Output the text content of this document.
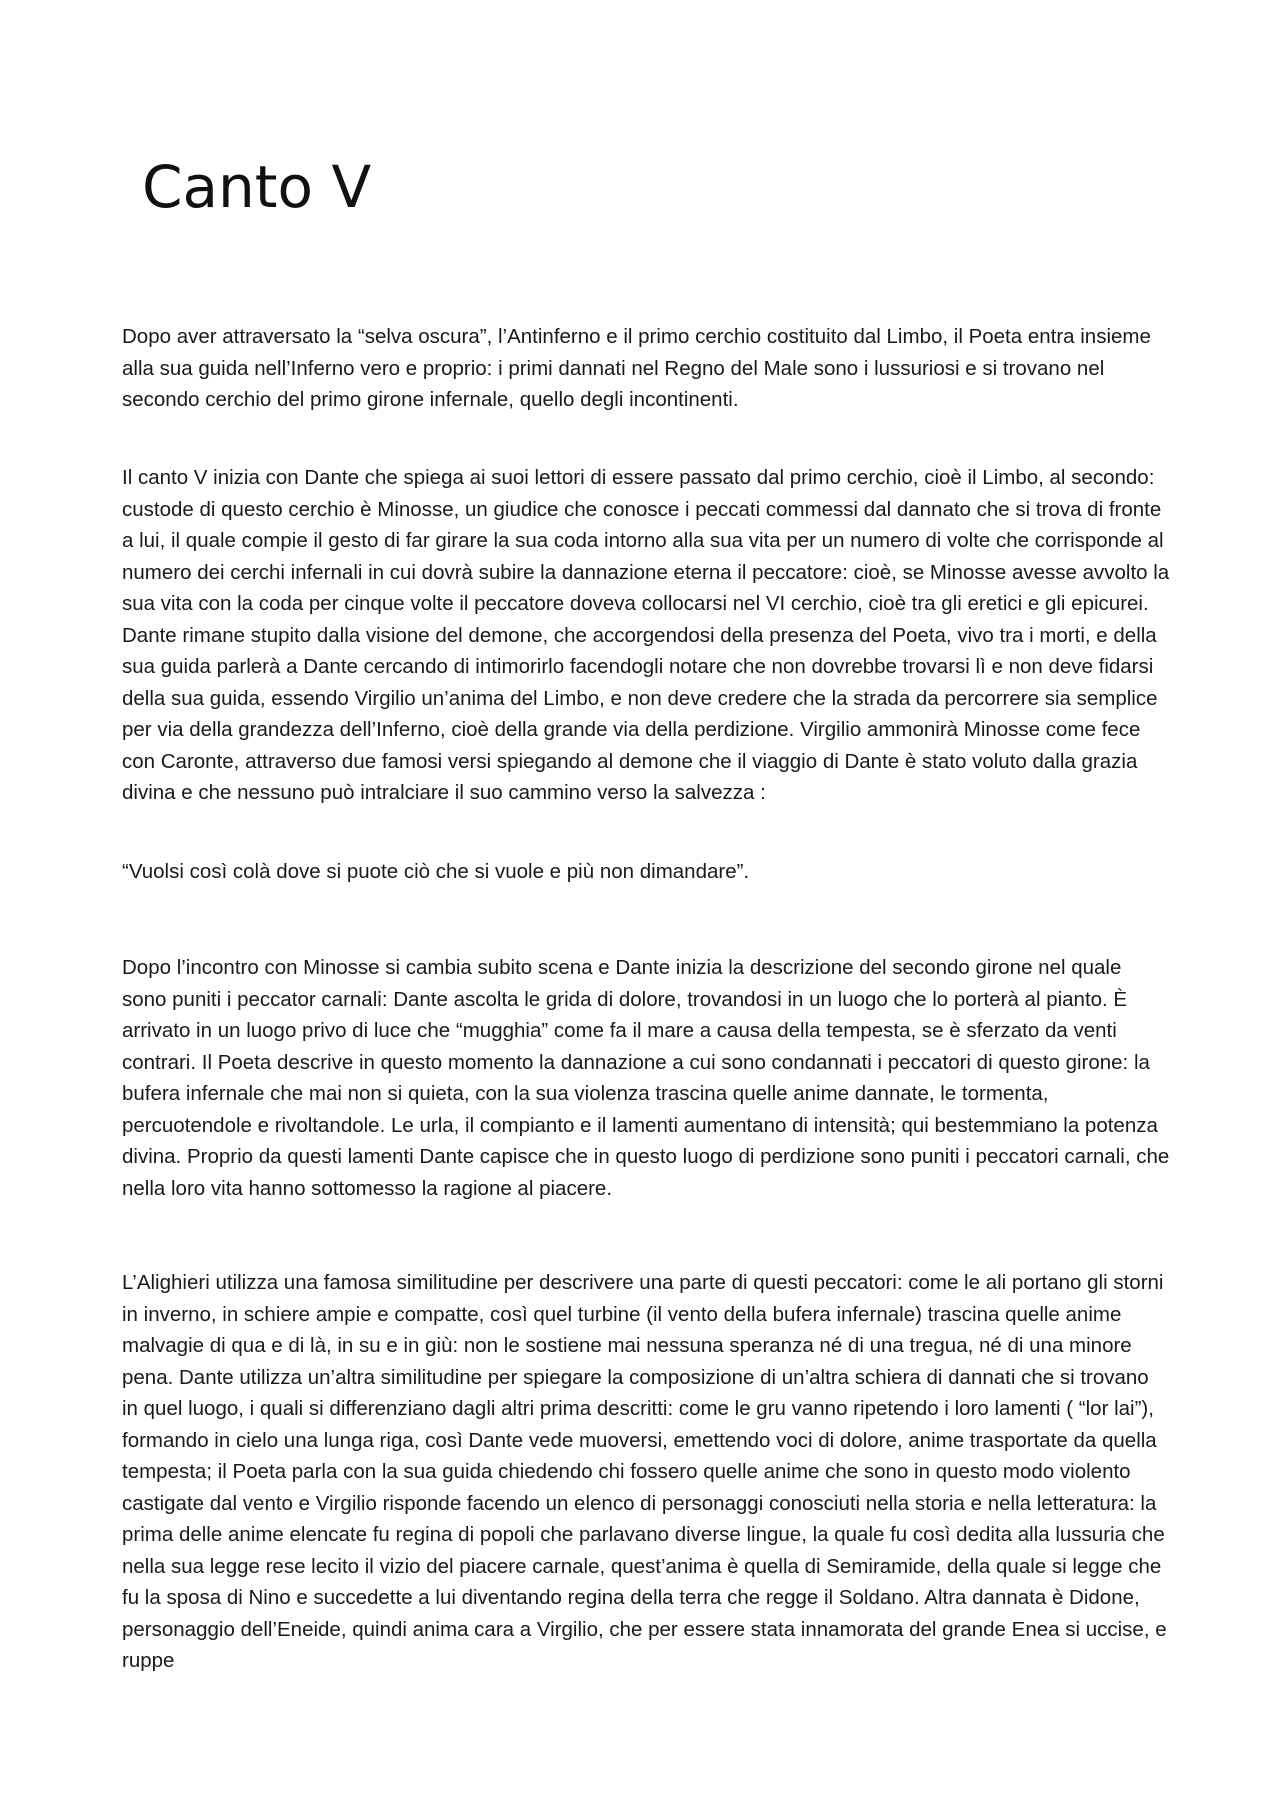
Canto V

Dopo aver attraversato la “selva oscura”, l’Antinferno e il primo cerchio costituito dal Limbo, il Poeta entra insieme alla sua guida nell’Inferno vero e proprio: i primi dannati nel Regno del Male sono i lussuriosi e si trovano nel secondo cerchio del primo girone infernale, quello degli incontinenti.

Il canto V inizia con Dante che spiega ai suoi lettori di essere passato dal primo cerchio, cioè il Limbo, al secondo: custode di questo cerchio è Minosse, un giudice che conosce i peccati commessi dal dannato che si trova di fronte a lui, il quale compie il gesto di far girare la sua coda intorno alla sua vita per un numero di volte che corrisponde al numero dei cerchi infernali in cui dovrà subire la dannazione eterna il peccatore: cioè, se Minosse avesse avvolto la sua vita con la coda per cinque volte il peccatore doveva collocarsi nel VI cerchio, cioè tra gli eretici e gli epicurei. Dante rimane stupito dalla visione del demone, che accorgendosi della presenza del Poeta, vivo tra i morti, e della sua guida parlerà a Dante cercando di intimorirlo facendogli notare che non dovrebbe trovarsi lì e non deve fidarsi della sua guida, essendo Virgilio un’anima del Limbo, e non deve credere che la strada da percorrere sia semplice per via della grandezza dell’Inferno, cioè della grande via della perdizione. Virgilio ammonirà Minosse come fece con Caronte, attraverso due famosi versi spiegando al demone che il viaggio di Dante è stato voluto dalla grazia divina e che nessuno può intralciare il suo cammino verso la salvezza :

“Vuolsi così colà dove si puote ciò che si vuole e più non dimandare”.

Dopo l’incontro con Minosse si cambia subito scena e Dante inizia la descrizione del secondo girone nel quale sono puniti i peccator carnali: Dante ascolta le grida di dolore, trovandosi in un luogo che lo porterà al pianto. È arrivato in un luogo privo di luce che “mugghia” come fa il mare a causa della tempesta, se è sferzato da venti contrari. Il Poeta descrive in questo momento la dannazione a cui sono condannati i peccatori di questo girone: la bufera infernale che mai non si quieta, con la sua violenza trascina quelle anime dannate, le tormenta, percuotendole e rivoltandole. Le urla, il compianto e il lamenti aumentano di intensità; qui bestemmiano la potenza divina. Proprio da questi lamenti Dante capisce che in questo luogo di perdizione sono puniti i peccatori carnali, che nella loro vita hanno sottomesso la ragione al piacere.

L’Alighieri utilizza una famosa similitudine per descrivere una parte di questi peccatori: come le ali portano gli storni in inverno, in schiere ampie e compatte, così quel turbine (il vento della bufera infernale) trascina quelle anime malvagie di qua e di là, in su e in giù: non le sostiene mai nessuna speranza né di una tregua, né di una minore pena. Dante utilizza un’altra similitudine per spiegare la composizione di un’altra schiera di dannati che si trovano in quel luogo, i quali si differenziano dagli altri prima descritti: come le gru vanno ripetendo i loro lamenti ( “lor lai”), formando in cielo una lunga riga, così Dante vede muoversi, emettendo voci di dolore, anime trasportate da quella tempesta; il Poeta parla con la sua guida chiedendo chi fossero quelle anime che sono in questo modo violento castigate dal vento e Virgilio risponde facendo un elenco di personaggi conosciuti nella storia e nella letteratura: la prima delle anime elencate fu regina di popoli che parlavano diverse lingue, la quale fu così dedita alla lussuria che nella sua legge rese lecito il vizio del piacere carnale, quest’anima è quella di Semiramide, della quale si legge che fu la sposa di Nino e succedette a lui diventando regina della terra che regge il Soldano. Altra dannata è Didone, personaggio dell’Eneide, quindi anima cara a Virgilio, che per essere stata innamorata del grande Enea si uccise, e ruppe
